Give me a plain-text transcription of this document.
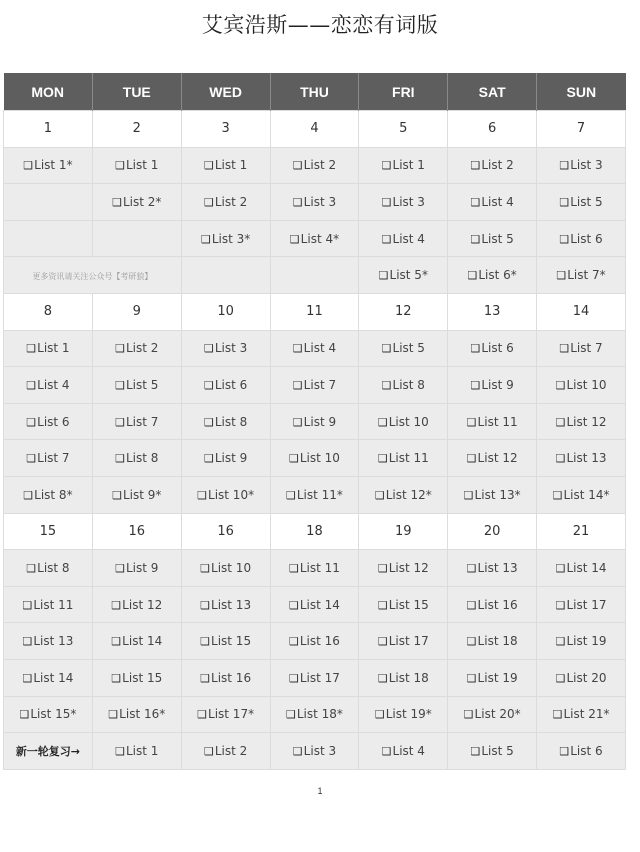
艾宾浩斯——恋恋有词版
MON	TUE	WED	THU	FRI	SAT	SUN
1	2	3	4	5	6	7
❑List 1*	❑List 1	❑List 1	❑List 2	❑List 1	❑List 2	❑List 3
	❑List 2*	❑List 2	❑List 3	❑List 3	❑List 4	❑List 5
		❑List 3*	❑List 4*	❑List 4	❑List 5	❑List 6
更多资讯请关注公众号【考研狼】				❑List 5*	❑List 6*	❑List 7*
8	9	10	11	12	13	14
❑List 1	❑List 2	❑List 3	❑List 4	❑List 5	❑List 6	❑List 7
❑List 4	❑List 5	❑List 6	❑List 7	❑List 8	❑List 9	❑List 10
❑List 6	❑List 7	❑List 8	❑List 9	❑List 10	❑List 11	❑List 12
❑List 7	❑List 8	❑List 9	❑List 10	❑List 11	❑List 12	❑List 13
❑List 8*	❑List 9*	❑List 10*	❑List 11*	❑List 12*	❑List 13*	❑List 14*
15	16	16	18	19	20	21
❑List 8	❑List 9	❑List 10	❑List 11	❑List 12	❑List 13	❑List 14
❑List 11	❑List 12	❑List 13	❑List 14	❑List 15	❑List 16	❑List 17
❑List 13	❑List 14	❑List 15	❑List 16	❑List 17	❑List 18	❑List 19
❑List 14	❑List 15	❑List 16	❑List 17	❑List 18	❑List 19	❑List 20
❑List 15*	❑List 16*	❑List 17*	❑List 18*	❑List 19*	❑List 20*	❑List 21*
新一轮复习→	❑List 1	❑List 2	❑List 3	❑List 4	❑List 5	❑List 6
1
